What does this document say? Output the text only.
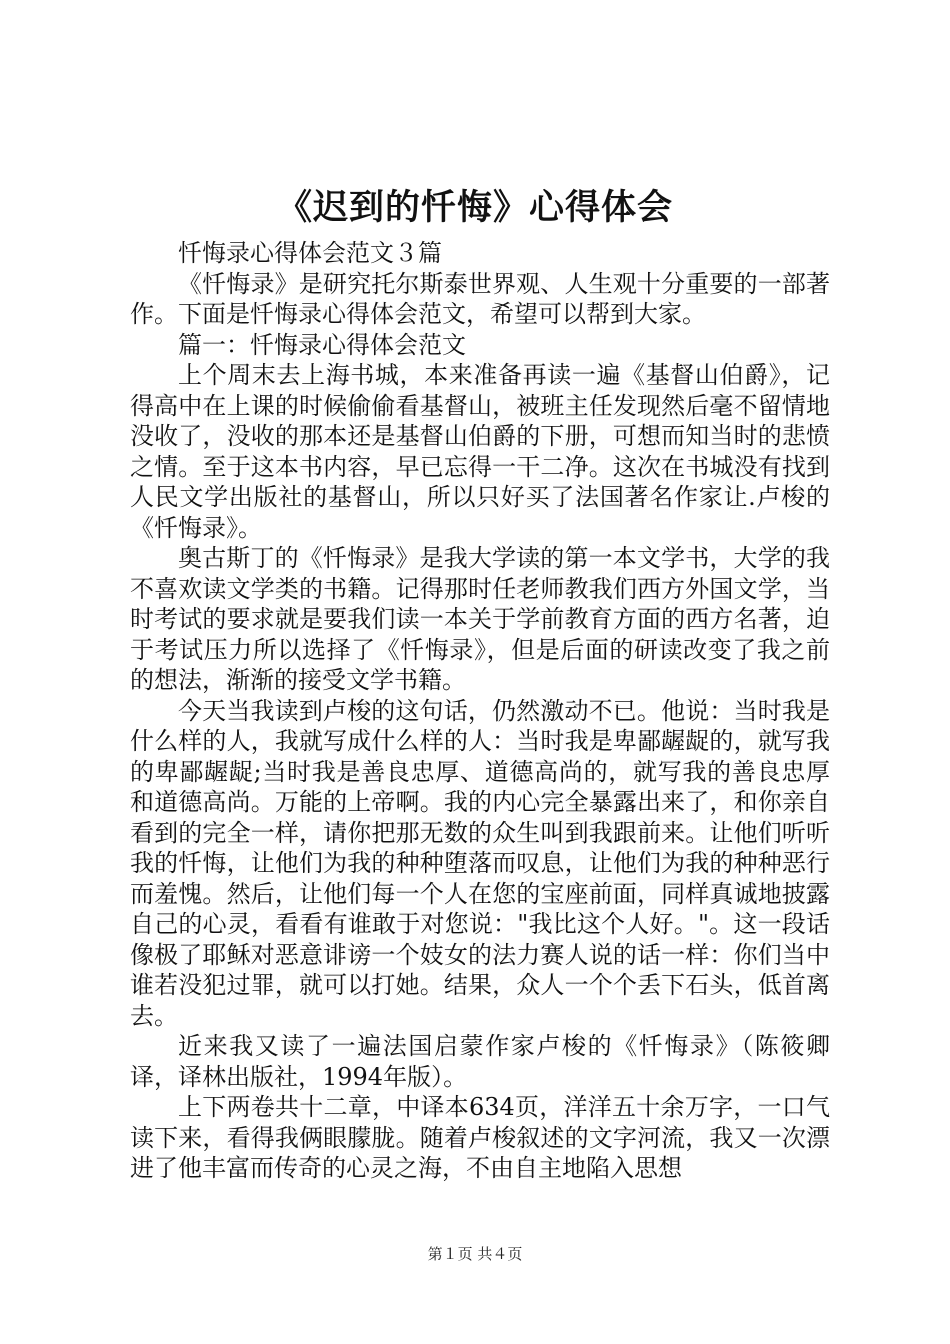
《迟到的忏悔》心得体会

忏悔录心得体会范文３篇

《忏悔录》是研究托尔斯泰世界观、人生观十分重要的一部著作。下面是忏悔录心得体会范文，希望可以帮到大家。

篇一：忏悔录心得体会范文

上个周末去上海书城，本来准备再读一遍《基督山伯爵》，记得高中在上课的时候偷偷看基督山，被班主任发现然后毫不留情地没收了，没收的那本还是基督山伯爵的下册，可想而知当时的悲愤之情。至于这本书内容，早已忘得一干二净。这次在书城没有找到人民文学出版社的基督山，所以只好买了法国著名作家让.卢梭的《忏悔录》。

奥古斯丁的《忏悔录》是我大学读的第一本文学书，大学的我不喜欢读文学类的书籍。记得那时任老师教我们西方外国文学，当时考试的要求就是要我们读一本关于学前教育方面的西方名著，迫于考试压力所以选择了《忏悔录》，但是后面的研读改变了我之前的想法，渐渐的接受文学书籍。

今天当我读到卢梭的这句话，仍然激动不已。他说：当时我是什么样的人，我就写成什么样的人：当时我是卑鄙龌龊的，就写我的卑鄙龌龊;当时我是善良忠厚、道德高尚的，就写我的善良忠厚和道德高尚。万能的上帝啊。我的内心完全暴露出来了，和你亲自看到的完全一样，请你把那无数的众生叫到我跟前来。让他们听听我的忏悔，让他们为我的种种堕落而叹息，让他们为我的种种恶行而羞愧。然后，让他们每一个人在您的宝座前面，同样真诚地披露自己的心灵，看看有谁敢于对您说："我比这个人好。"。这一段话像极了耶稣对恶意诽谤一个妓女的法力赛人说的话一样：你们当中谁若没犯过罪，就可以打她。结果，众人一个个丢下石头，低首离去。

近来我又读了一遍法国启蒙作家卢梭的《忏悔录》（陈筱卿译，译林出版社，1994年版）。

上下两卷共十二章，中译本634页，洋洋五十余万字，一口气读下来，看得我俩眼朦胧。随着卢梭叙述的文字河流，我又一次漂进了他丰富而传奇的心灵之海，不由自主地陷入思想

第１页 共４页
